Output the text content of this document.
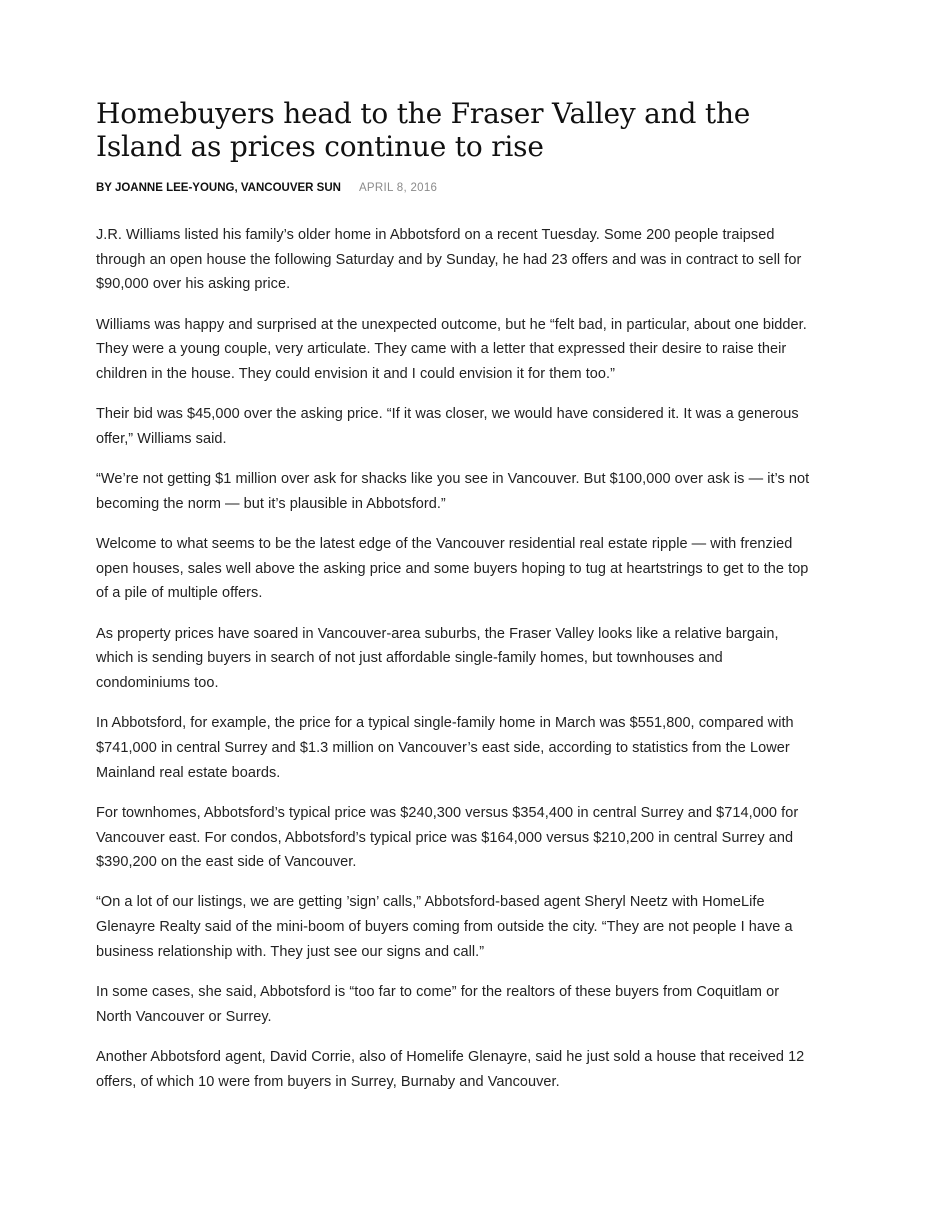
Homebuyers head to the Fraser Valley and the Island as prices continue to rise
BY JOANNE LEE-YOUNG, VANCOUVER SUN APRIL 8, 2016

J.R. Williams listed his family’s older home in Abbotsford on a recent Tuesday. Some 200 people traipsed through an open house the following Saturday and by Sunday, he had 23 offers and was in contract to sell for $90,000 over his asking price.

Williams was happy and surprised at the unexpected outcome, but he “felt bad, in particular, about one bidder. They were a young couple, very articulate. They came with a letter that expressed their desire to raise their children in the house. They could envision it and I could envision it for them too.”

Their bid was $45,000 over the asking price. “If it was closer, we would have considered it. It was a generous offer,” Williams said.

“We’re not getting $1 million over ask for shacks like you see in Vancouver. But $100,000 over ask is — it’s not becoming the norm — but it’s plausible in Abbotsford.”

Welcome to what seems to be the latest edge of the Vancouver residential real estate ripple — with frenzied open houses, sales well above the asking price and some buyers hoping to tug at heartstrings to get to the top of a pile of multiple offers.

As property prices have soared in Vancouver-area suburbs, the Fraser Valley looks like a relative bargain, which is sending buyers in search of not just affordable single-family homes, but townhouses and condominiums too.

In Abbotsford, for example, the price for a typical single-family home in March was $551,800, compared with $741,000 in central Surrey and $1.3 million on Vancouver’s east side, according to statistics from the Lower Mainland real estate boards.

For townhomes, Abbotsford’s typical price was $240,300 versus $354,400 in central Surrey and $714,000 for Vancouver east. For condos, Abbotsford’s typical price was $164,000 versus $210,200 in central Surrey and $390,200 on the east side of Vancouver.

“On a lot of our listings, we are getting ’sign’ calls,” Abbotsford-based agent Sheryl Neetz with HomeLife Glenayre Realty said of the mini-boom of buyers coming from outside the city. “They are not people I have a business relationship with. They just see our signs and call.”

In some cases, she said, Abbotsford is “too far to come” for the realtors of these buyers from Coquitlam or North Vancouver or Surrey.

Another Abbotsford agent, David Corrie, also of Homelife Glenayre, said he just sold a house that received 12 offers, of which 10 were from buyers in Surrey, Burnaby and Vancouver.
